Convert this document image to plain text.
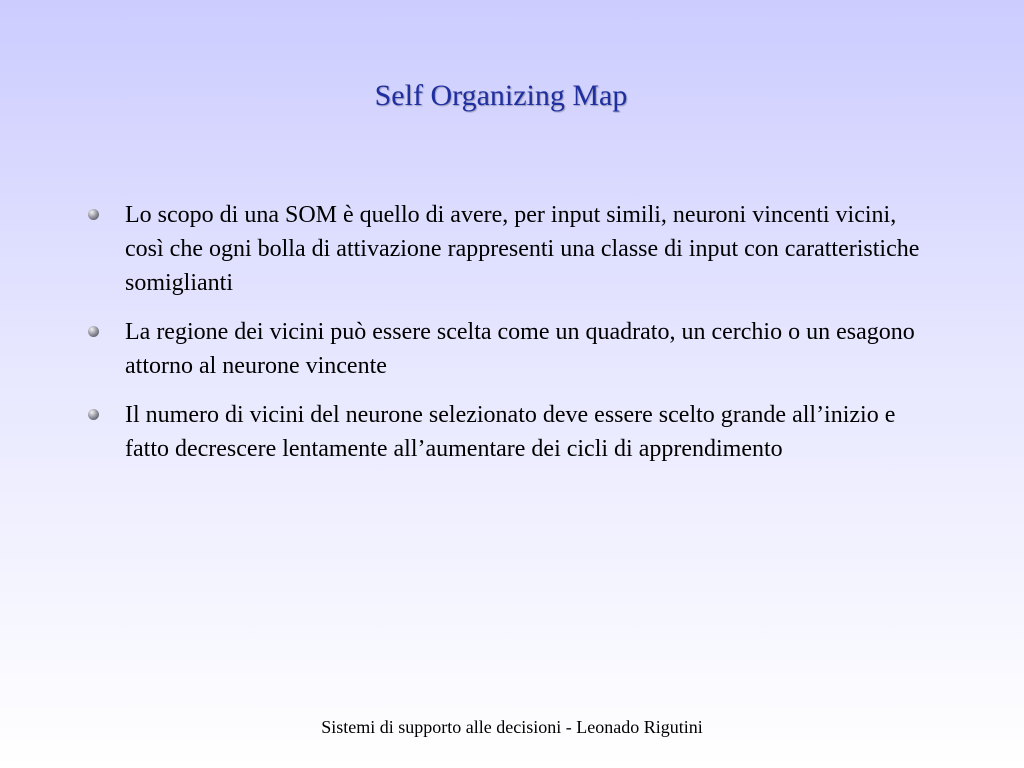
Self Organizing Map
Lo scopo di una SOM è quello di avere, per input simili, neuroni vincenti vicini, così che ogni bolla di attivazione rappresenti una classe di input con caratteristiche somiglianti
La regione dei vicini può essere scelta come un quadrato, un cerchio o un esagono attorno al neurone vincente
Il numero di vicini del neurone selezionato deve essere scelto grande all’inizio e fatto decrescere lentamente all’aumentare dei cicli di apprendimento
Sistemi di supporto alle decisioni - Leonado Rigutini
